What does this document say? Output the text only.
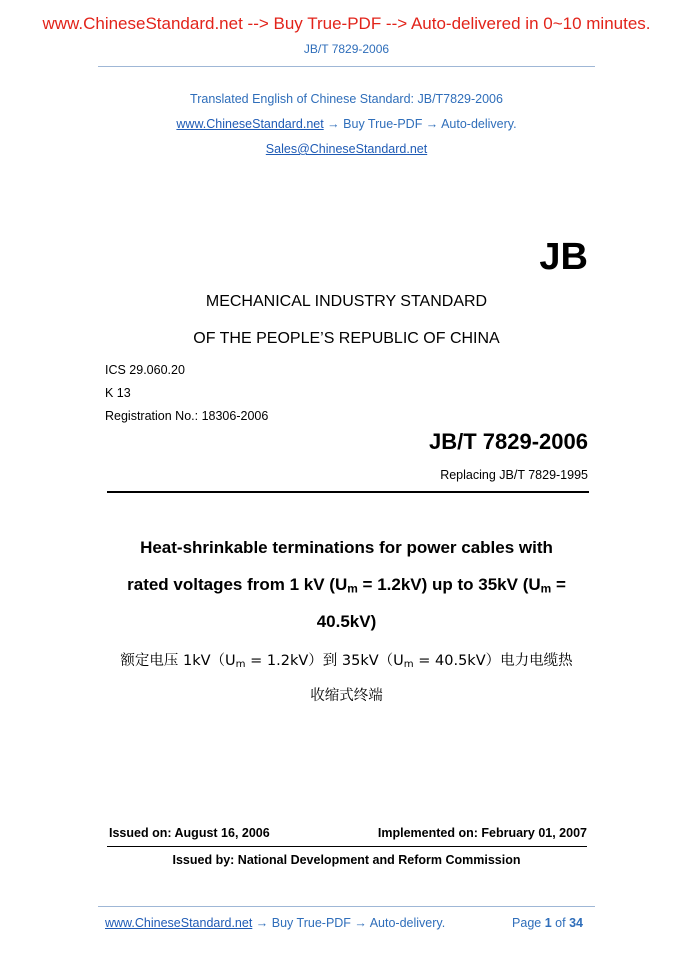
www.ChineseStandard.net --> Buy True-PDF --> Auto-delivered in 0~10 minutes.
JB/T 7829-2006
Translated English of Chinese Standard: JB/T7829-2006
www.ChineseStandard.net → Buy True-PDF → Auto-delivery.
Sales@ChineseStandard.net
JB
MECHANICAL INDUSTRY STANDARD
OF THE PEOPLE’S REPUBLIC OF CHINA
ICS 29.060.20
K 13
Registration No.: 18306-2006
JB/T 7829-2006
Replacing JB/T 7829-1995
Heat-shrinkable terminations for power cables with
rated voltages from 1 kV $(U_m = 1.2kV)$ up to 35kV ($U_m$ =
40.5kV)
额定电压 $1kV(U_m = 1.2kV)$到 $35kV(U_m = 40.5kV)$电力电缆热
收缩式终端
Issued on: August 16, 2006	Implemented on: February 01, 2007
Issued by: National Development and Reform Commission
www.ChineseStandard.net → Buy True-PDF → Auto-delivery.	Page 1 of 34
